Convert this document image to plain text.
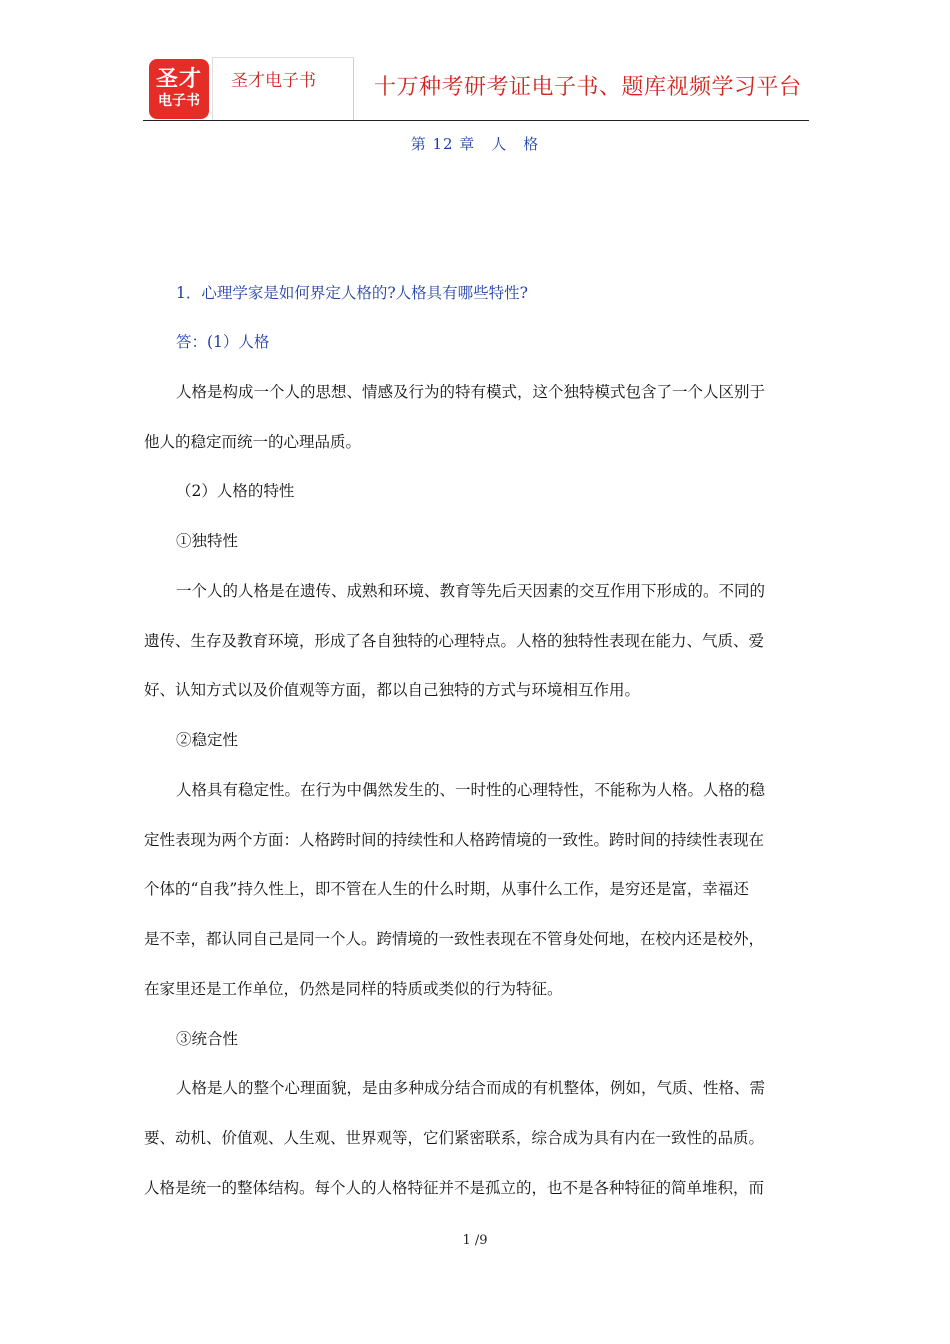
圣才
电子书
圣才电子书	十万种考研考证电子书、题库视频学习平台
第 12 章　人　格
1．心理学家是如何界定人格的?人格具有哪些特性?
答：(1）人格
人格是构成一个人的思想、情感及行为的特有模式，这个独特模式包含了一个人区别于
他人的稳定而统一的心理品质。
（2）人格的特性
①独特性
一个人的人格是在遗传、成熟和环境、教育等先后天因素的交互作用下形成的。不同的
遗传、生存及教育环境，形成了各自独特的心理特点。人格的独特性表现在能力、气质、爱
好、认知方式以及价值观等方面，都以自己独特的方式与环境相互作用。
②稳定性
人格具有稳定性。在行为中偶然发生的、一时性的心理特性，不能称为人格。人格的稳
定性表现为两个方面：人格跨时间的持续性和人格跨情境的一致性。跨时间的持续性表现在
个体的“自我”持久性上，即不管在人生的什么时期，从事什么工作，是穷还是富，幸福还
是不幸，都认同自己是同一个人。跨情境的一致性表现在不管身处何地，在校内还是校外，
在家里还是工作单位，仍然是同样的特质或类似的行为特征。
③统合性
人格是人的整个心理面貌，是由多种成分结合而成的有机整体，例如，气质、性格、需
要、动机、价值观、人生观、世界观等，它们紧密联系，综合成为具有内在一致性的品质。
人格是统一的整体结构。每个人的人格特征并不是孤立的，也不是各种特征的简单堆积，而
1 /9
